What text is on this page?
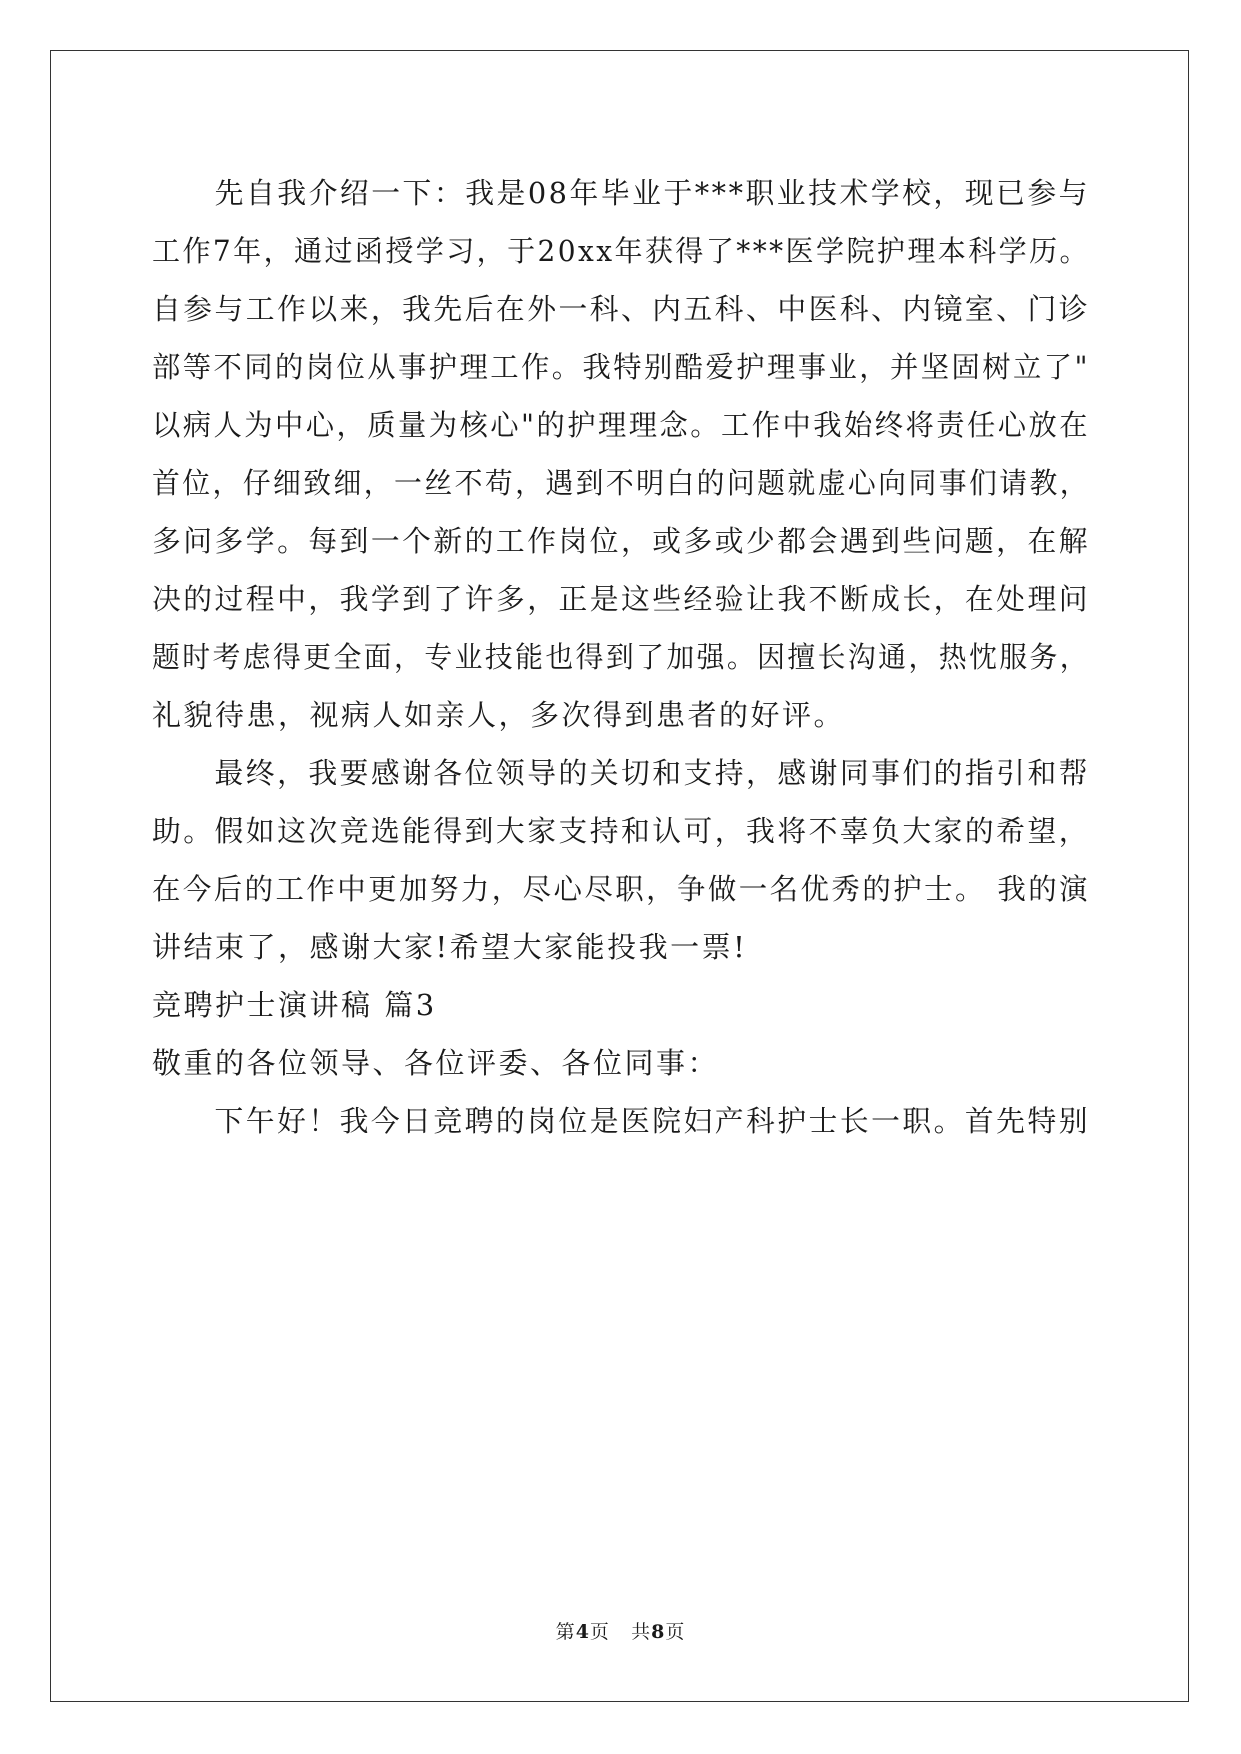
　　先自我介绍一下：我是08年毕业于***职业技术学校，现已参与
工作7年，通过函授学习，于20xx年获得了***医学院护理本科学历。
自参与工作以来，我先后在外一科、内五科、中医科、内镜室、门诊
部等不同的岗位从事护理工作。我特别酷爱护理事业，并坚固树立了"
以病人为中心，质量为核心"的护理理念。工作中我始终将责任心放在
首位，仔细致细，一丝不苟，遇到不明白的问题就虚心向同事们请教，
多问多学。每到一个新的工作岗位，或多或少都会遇到些问题，在解
决的过程中，我学到了许多，正是这些经验让我不断成长，在处理问
题时考虑得更全面，专业技能也得到了加强。因擅长沟通，热忱服务，
礼貌待患，视病人如亲人，多次得到患者的好评。
　　最终，我要感谢各位领导的关切和支持，感谢同事们的指引和帮
助。假如这次竞选能得到大家支持和认可，我将不辜负大家的希望，
在今后的工作中更加努力，尽心尽职，争做一名优秀的护士。 我的演
讲结束了，感谢大家!希望大家能投我一票!
竞聘护士演讲稿 篇3
敬重的各位领导、各位评委、各位同事：
　　下午好！我今日竞聘的岗位是医院妇产科护士长一职。首先特别
第4页 共8页
